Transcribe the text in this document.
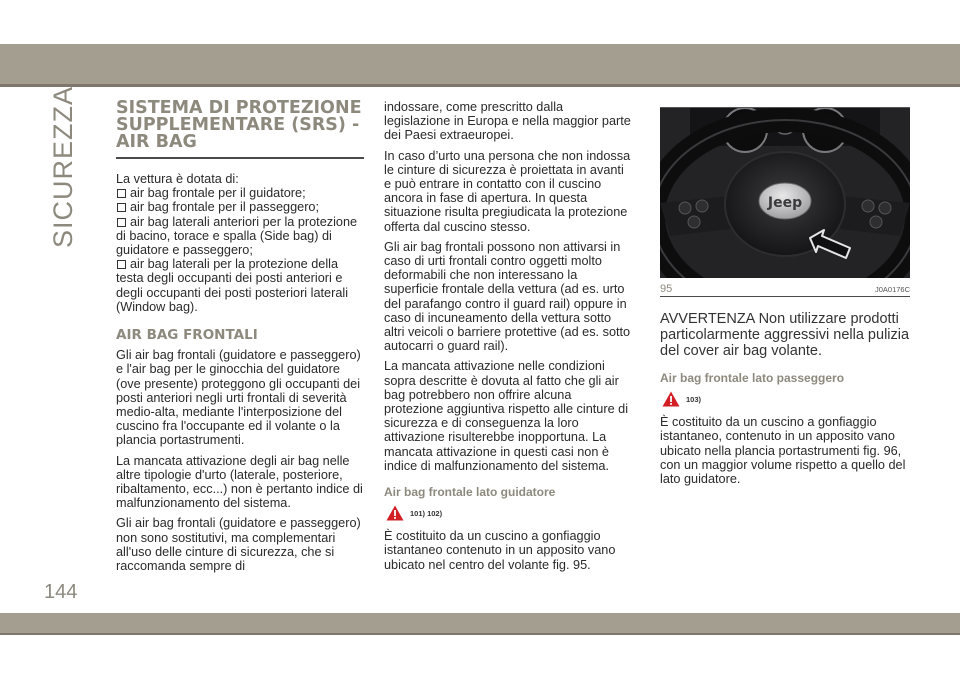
SICUREZZA SISTEMA DI PROTEZIONE
SUPPLEMENTARE (SRS) -
AIR BAG

La vettura è dotata di:

air bag frontale per il guidatore;
air bag frontale per il passeggero;
air bag laterali anteriori per la protezione di bacino, torace e spalla (Side bag) di guidatore e passeggero;
air bag laterali per la protezione della testa degli occupanti dei posti anteriori e degli occupanti dei posti posteriori laterali (Window bag).
AIR BAG FRONTALI

Gli air bag frontali (guidatore e passeggero) e l'air bag per le ginocchia del guidatore (ove presente) proteggono gli occupanti dei posti anteriori negli urti frontali di severità medio-alta, mediante l'interposizione del cuscino fra l'occupante ed il volante o la plancia portastrumenti.

La mancata attivazione degli air bag nelle altre tipologie d'urto (laterale, posteriore, ribaltamento, ecc...) non è pertanto indice di malfunzionamento del sistema.

Gli air bag frontali (guidatore e passeggero) non sono sostitutivi, ma complementari all'uso delle cinture di sicurezza, che si raccomanda sempre di

indossare, come prescritto dalla legislazione in Europa e nella maggior parte dei Paesi extraeuropei.

In caso d’urto una persona che non indossa le cinture di sicurezza è proiettata in avanti e può entrare in contatto con il cuscino ancora in fase di apertura. In questa situazione risulta pregiudicata la protezione offerta dal cuscino stesso.

Gli air bag frontali possono non attivarsi in caso di urti frontali contro oggetti molto deformabili che non interessano la superficie frontale della vettura (ad es. urto del parafango contro il guard rail) oppure in caso di incuneamento della vettura sotto altri veicoli o barriere protettive (ad es. sotto autocarri o guard rail).

La mancata attivazione nelle condizioni sopra descritte è dovuta al fatto che gli air bag potrebbero non offrire alcuna protezione aggiuntiva rispetto alle cinture di sicurezza e di conseguenza la loro attivazione risulterebbe inopportuna. La mancata attivazione in questi casi non è indice di malfunzionamento del sistema.

Air bag frontale lato guidatore
101) 102)

È costituito da un cuscino a gonfiaggio istantaneo contenuto in un apposito vano ubicato nel centro del volante fig. 95.

Jeep
95	J0A0176C

AVVERTENZA Non utilizzare prodotti particolarmente aggressivi nella pulizia del cover air bag volante.

Air bag frontale lato passeggero
103)

È costituito da un cuscino a gonfiaggio istantaneo, contenuto in un apposito vano ubicato nella plancia portastrumenti fig. 96, con un maggior volume rispetto a quello del lato guidatore.

144
